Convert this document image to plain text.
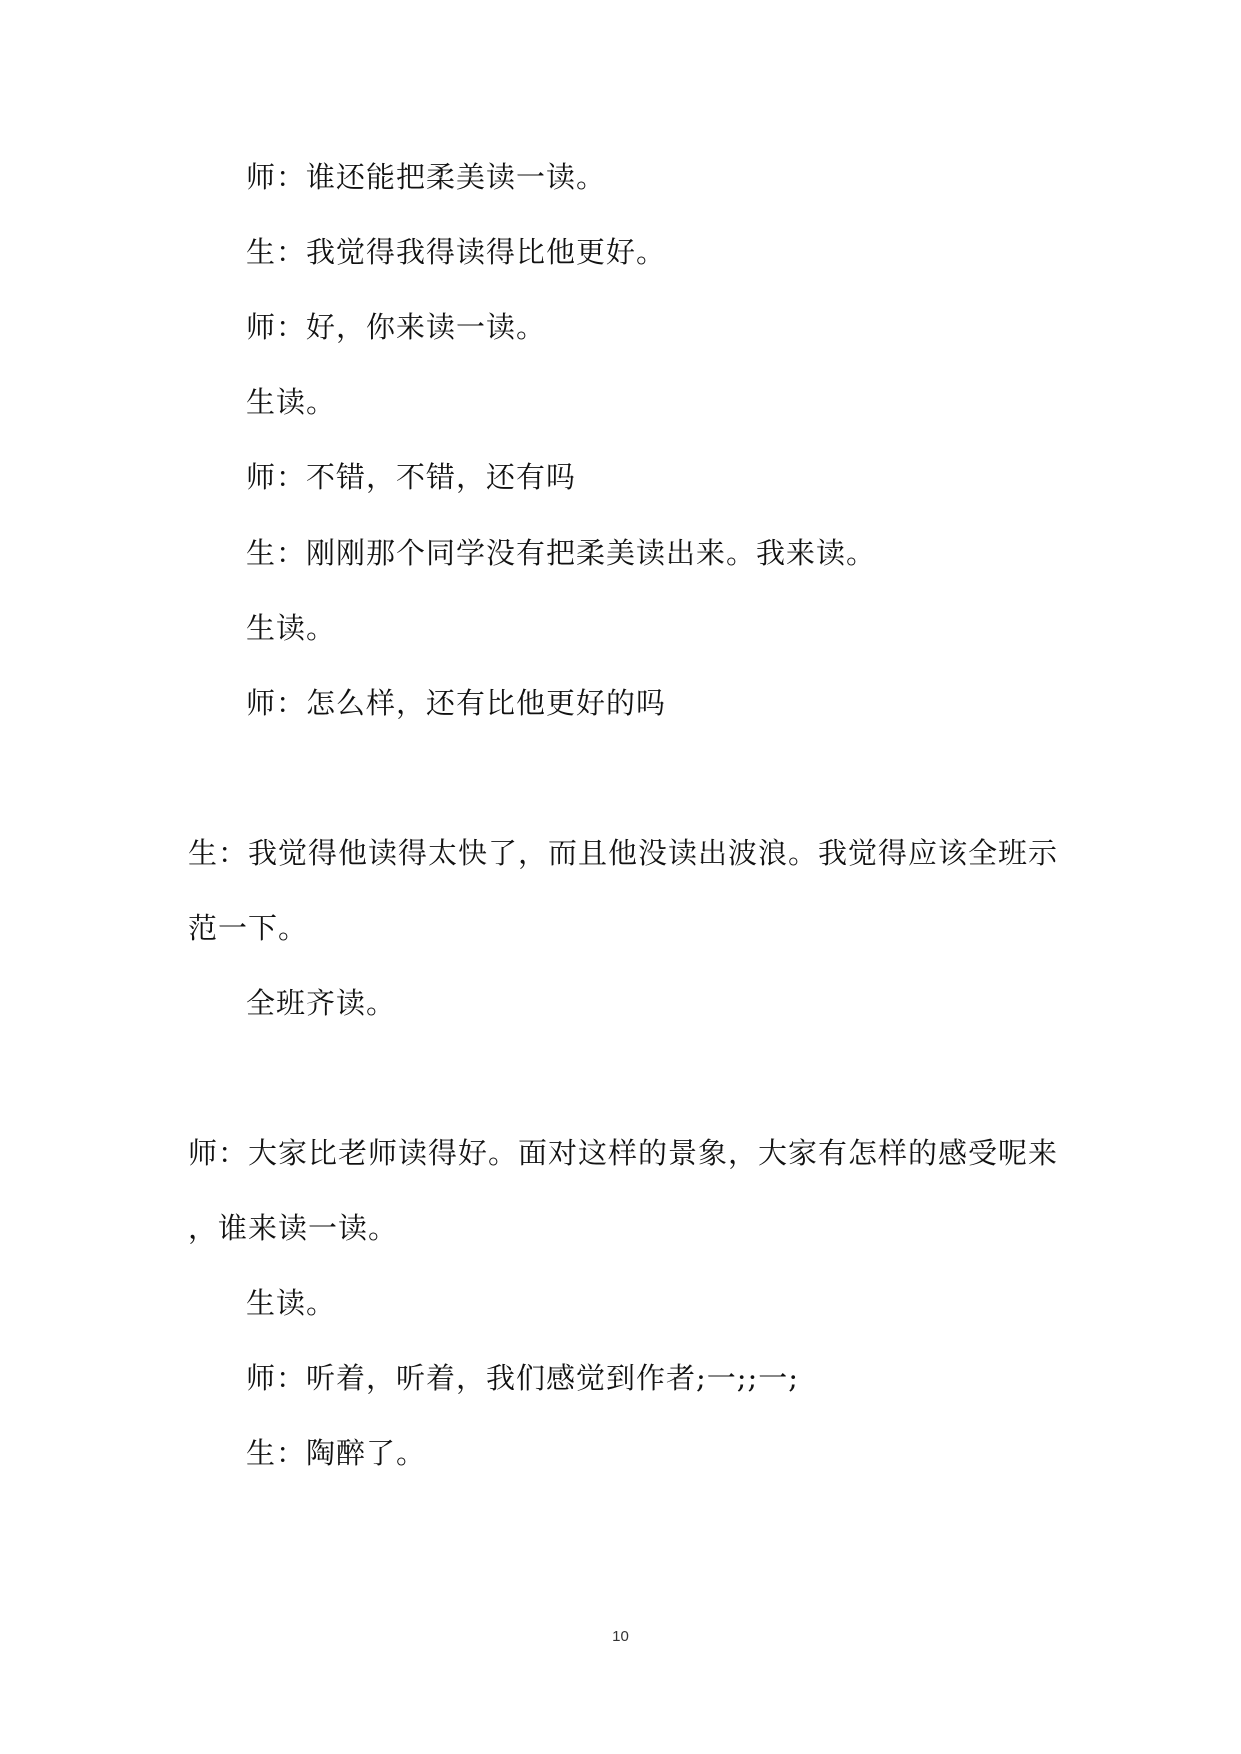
师：谁还能把柔美读一读。
生：我觉得我得读得比他更好。
师：好，你来读一读。
生读。
师：不错，不错，还有吗
生：刚刚那个同学没有把柔美读出来。我来读。
生读。
师：怎么样，还有比他更好的吗
生：我觉得他读得太快了，而且他没读出波浪。我觉得应该全班示
范一下。
全班齐读。
师：大家比老师读得好。面对这样的景象，大家有怎样的感受呢来
，谁来读一读。
生读。
师：听着，听着，我们感觉到作者;一;;一;
生：陶醉了。
10
